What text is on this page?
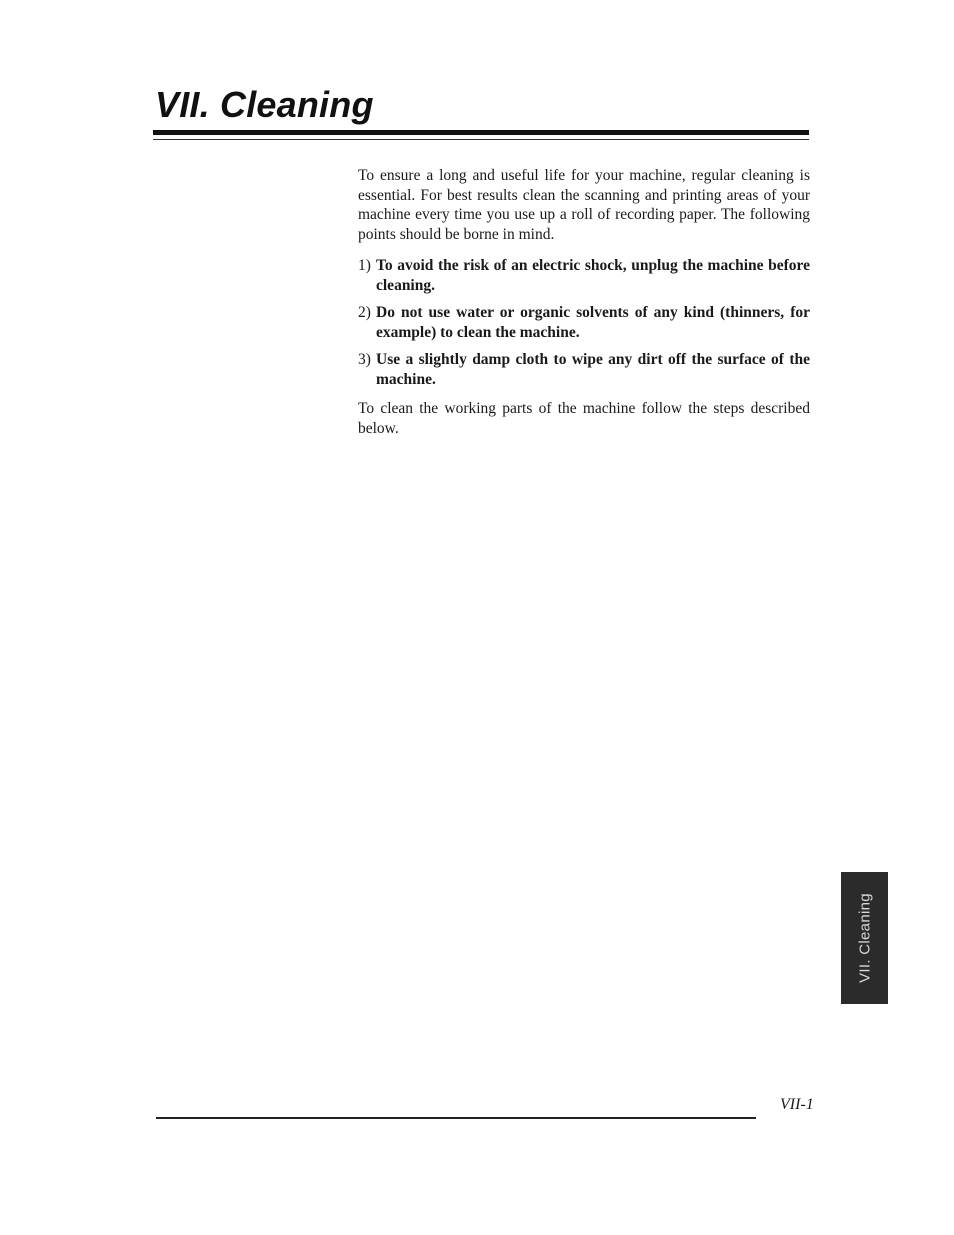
VII. Cleaning

To ensure a long and useful life for your machine, regular cleaning is essential. For best results clean the scanning and printing areas of your machine every time you use up a roll of recording paper. The following points should be borne in mind.

1) To avoid the risk of an electric shock, unplug the machine before cleaning.
2) Do not use water or organic solvents of any kind (thinners, for example) to clean the machine.
3) Use a slightly damp cloth to wipe any dirt off the surface of the machine.

To clean the working parts of the machine follow the steps described below.

VII. Cleaning
VII-1
